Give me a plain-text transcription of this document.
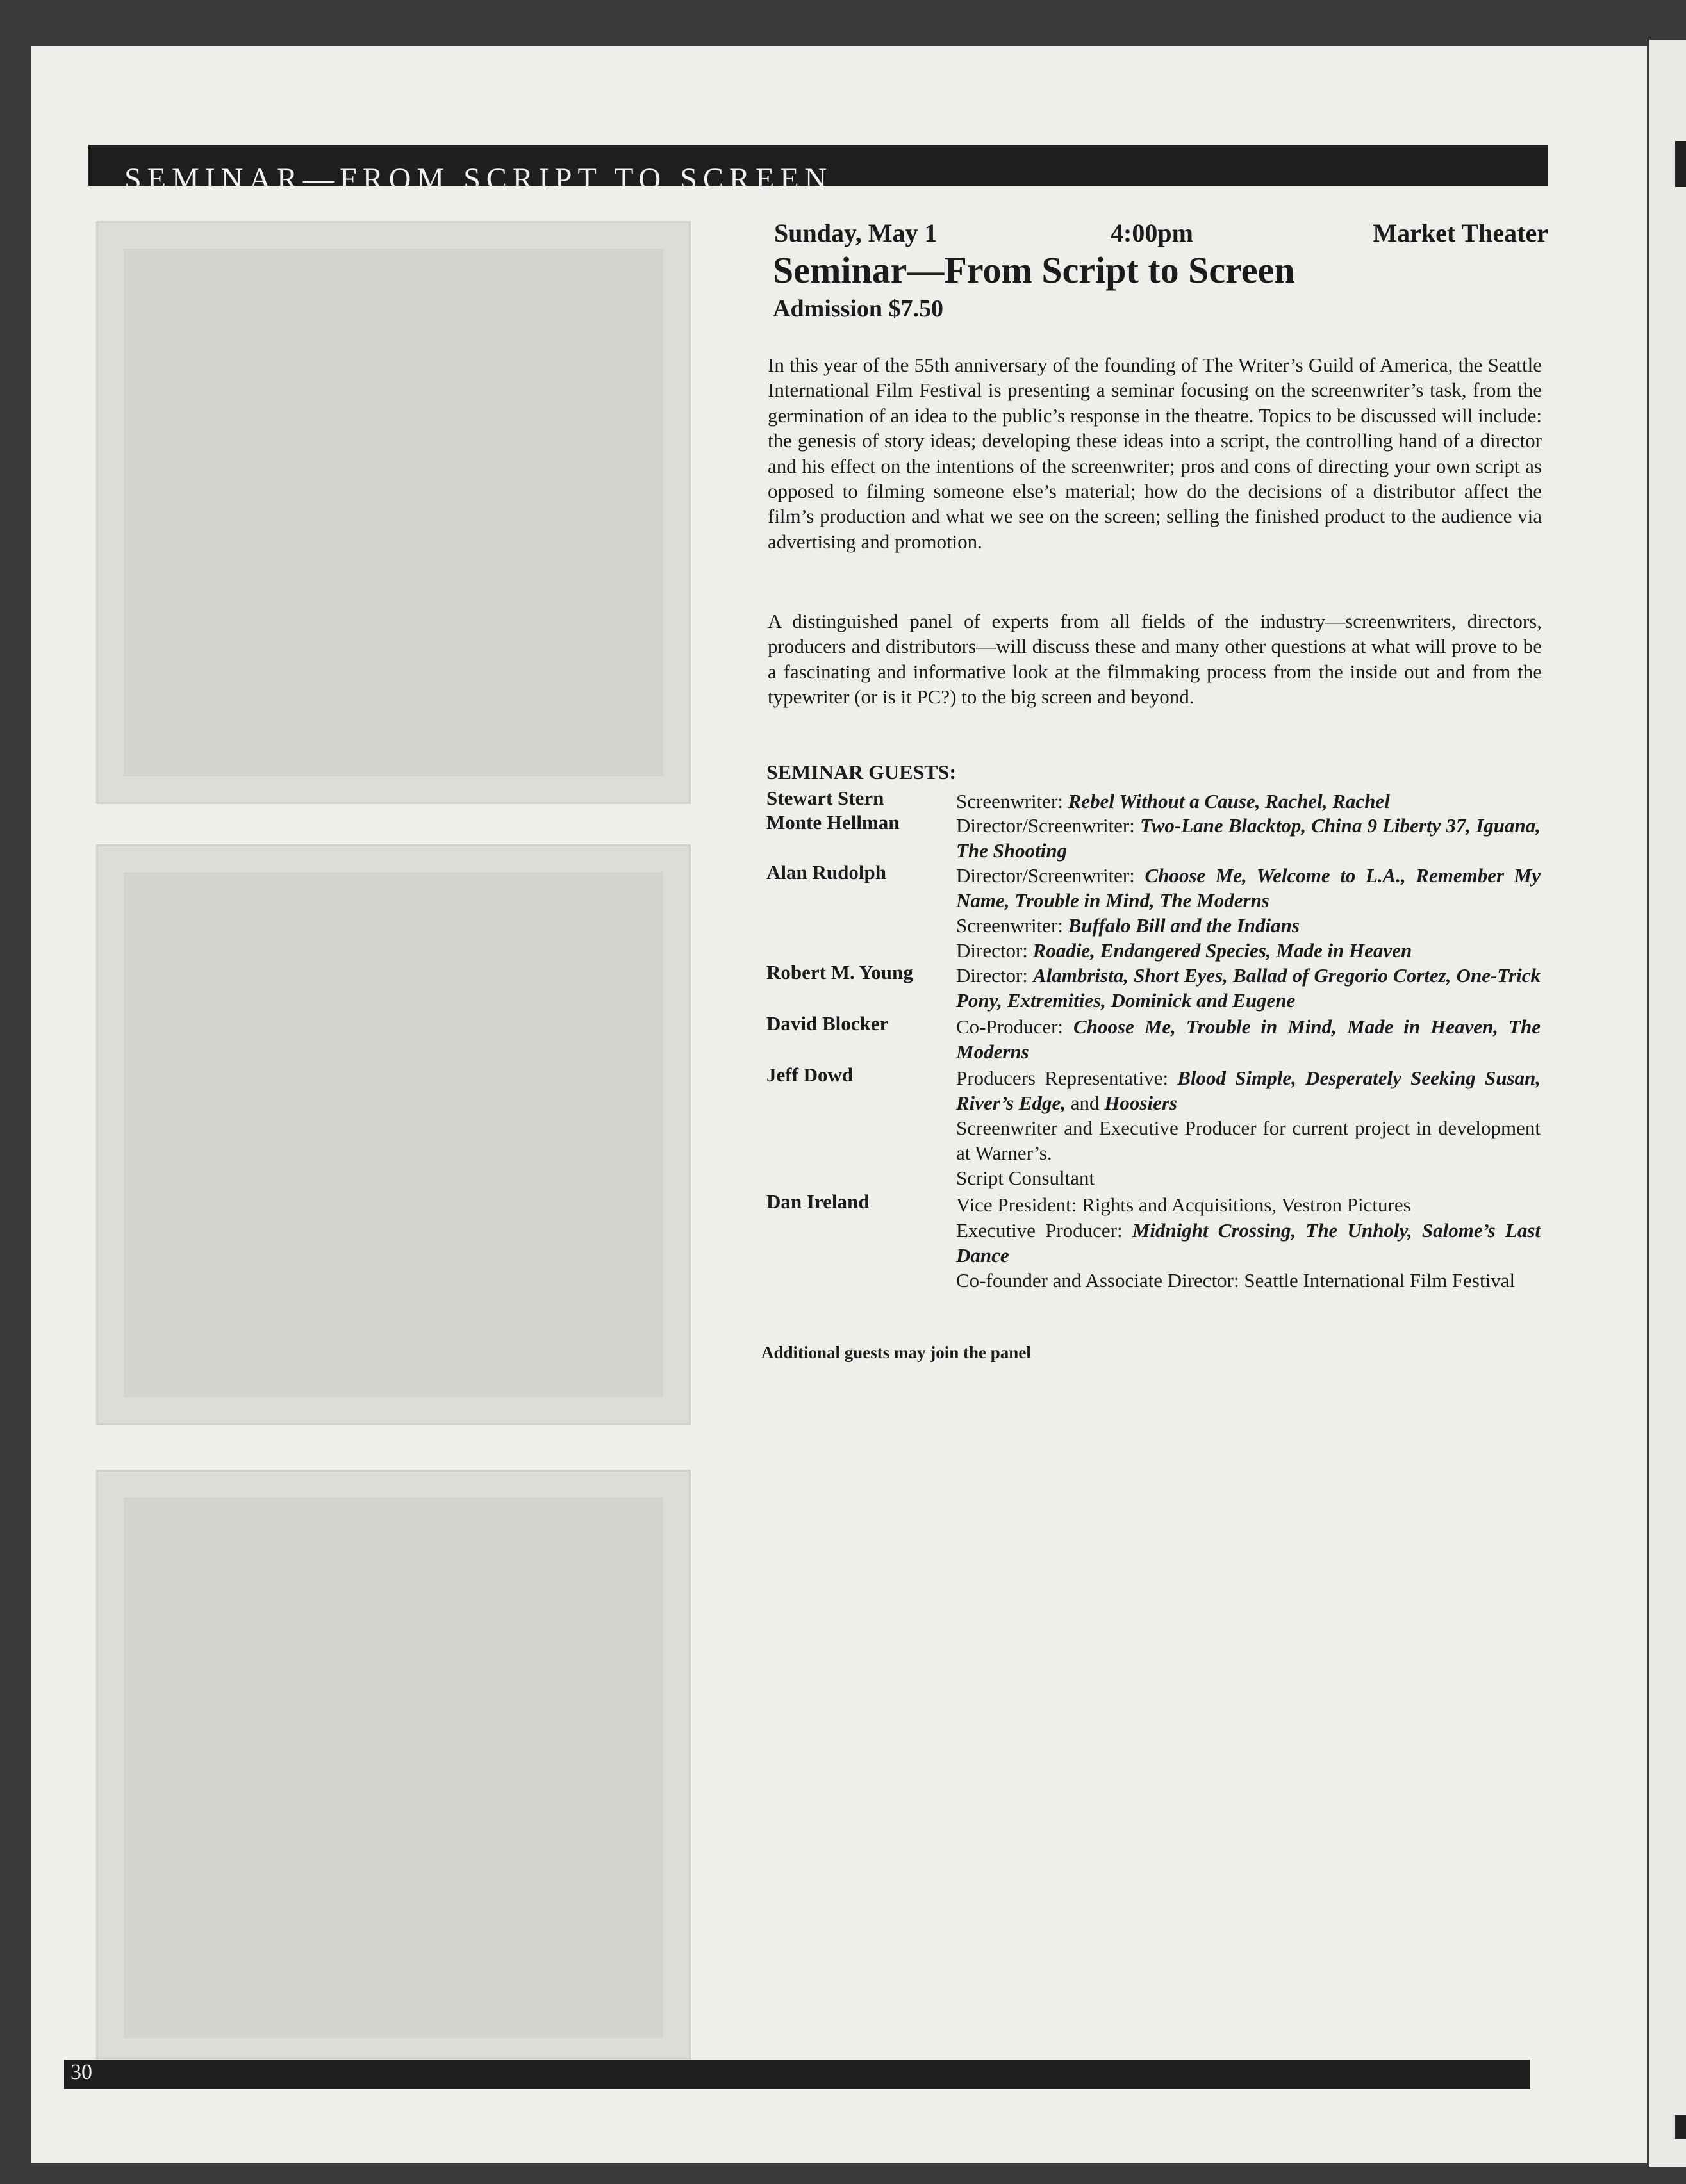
SEMINAR—FROM SCRIPT TO SCREEN
Sunday, May 1	4:00pm	Market Theater
Seminar—From Script to Screen
Admission $7.50

In this year of the 55th anniversary of the founding of The Writer’s Guild of America, the Seattle International Film Festival is presenting a seminar focusing on the screenwriter’s task, from the germination of an idea to the public’s response in the theatre. Topics to be discussed will include: the genesis of story ideas; developing these ideas into a script, the controlling hand of a director and his effect on the intentions of the screenwriter; pros and cons of directing your own script as opposed to filming someone else’s material; how do the decisions of a distributor affect the film’s production and what we see on the screen; selling the finished product to the audience via advertising and promotion.

A distinguished panel of experts from all fields of the industry—screenwriters, directors, producers and distributors—will discuss these and many other questions at what will prove to be a fascinating and informative look at the filmmaking process from the inside out and from the typewriter (or is it PC?) to the big screen and beyond.

SEMINAR GUESTS:
Stewart Stern
Monte Hellman
Alan Rudolph
Robert M. Young
David Blocker
Jeff Dowd
Dan Ireland
Screenwriter: Rebel Without a Cause, Rachel, Rachel
Director/Screenwriter: Two-Lane Blacktop, China 9 Liberty 37, Iguana, The Shooting
Director/Screenwriter: Choose Me, Welcome to L.A., Remember My Name, Trouble in Mind, The Moderns
Screenwriter: Buffalo Bill and the Indians
Director: Roadie, Endangered Species, Made in Heaven
Director: Alambrista, Short Eyes, Ballad of Gregorio Cortez, One-Trick Pony, Extremities, Dominick and Eugene
Co-Producer: Choose Me, Trouble in Mind, Made in Heaven, The Moderns
Producers Representative: Blood Simple, Desperately Seeking Susan, River’s Edge, and Hoosiers
Screenwriter and Executive Producer for current project in development at Warner’s.
Script Consultant
Vice President: Rights and Acquisitions, Vestron Pictures
Executive Producer: Midnight Crossing, The Unholy, Salome’s Last Dance
Co-founder and Associate Director: Seattle International Film Festival
Additional guests may join the panel
30
